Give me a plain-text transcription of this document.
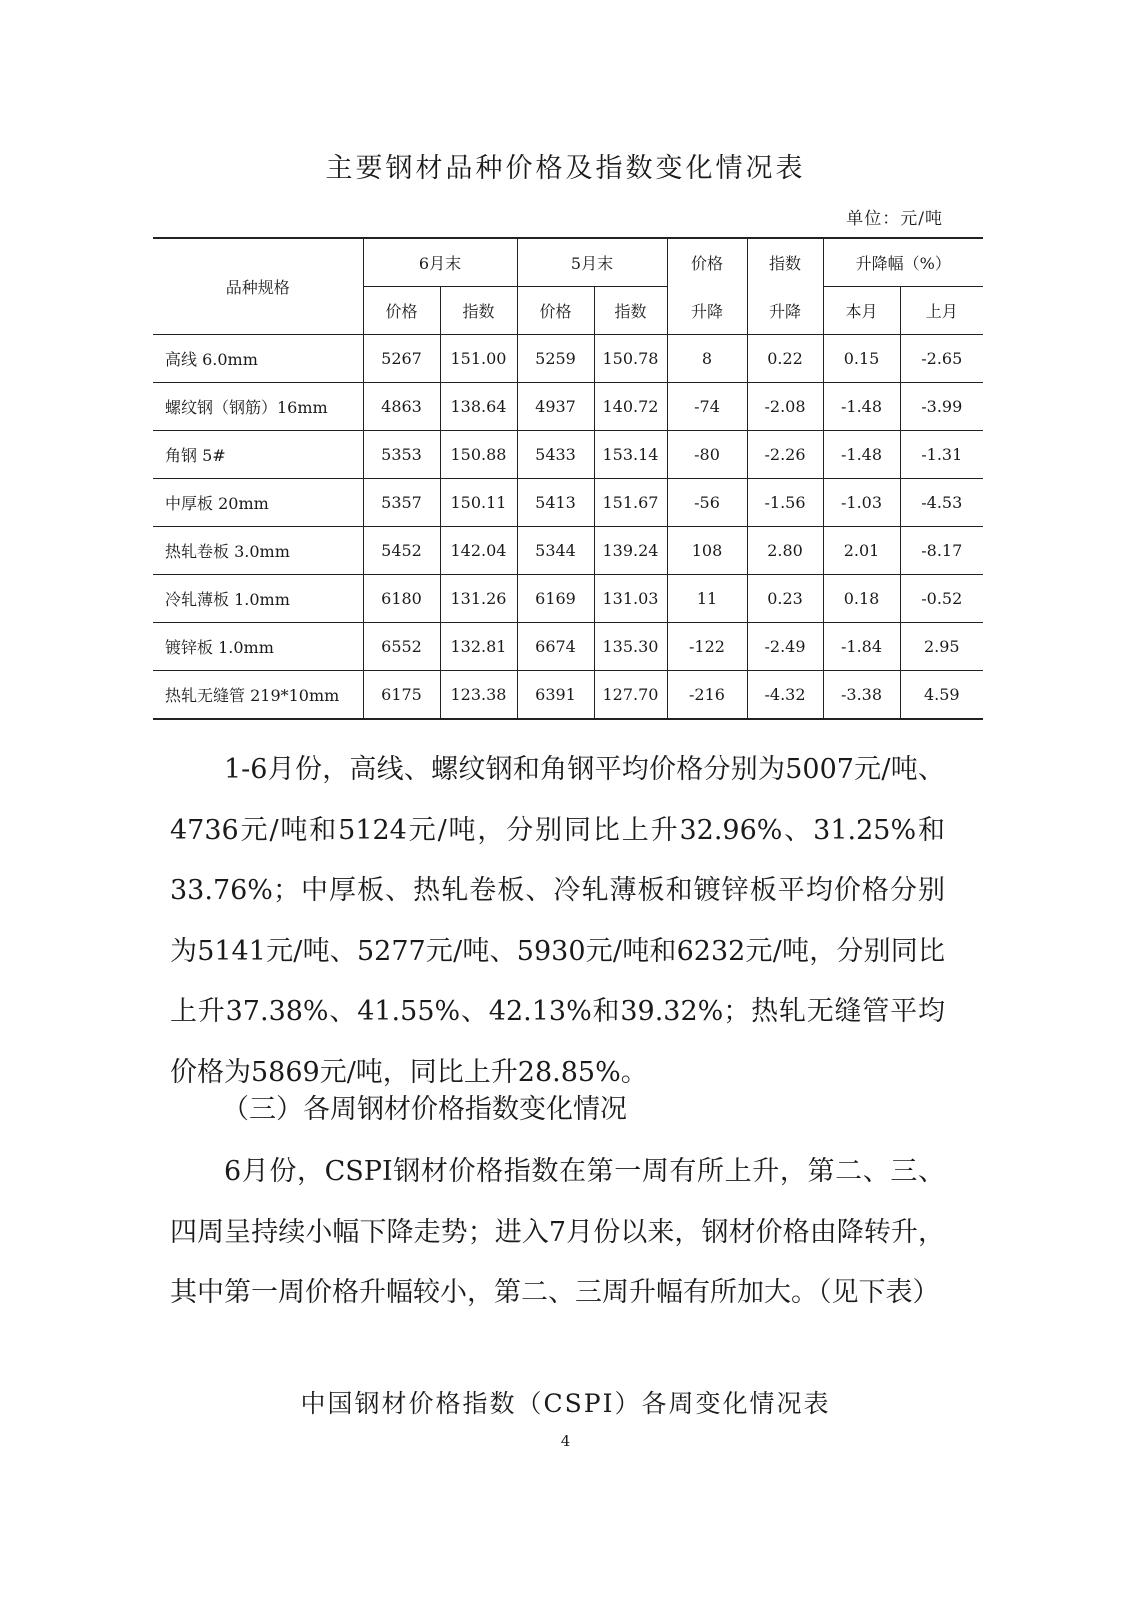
主要钢材品种价格及指数变化情况表
单位：元/吨
品种规格	6月末		5月末		价格	指数	升降幅（%）	
	价格	指数	价格	指数	升降	升降	本月	上月
高线 6.0mm	5267	151.00	5259	150.78	8	0.22	0.15	-2.65
螺纹钢（钢筋）16mm	4863	138.64	4937	140.72	-74	-2.08	-1.48	-3.99
角钢 5#	5353	150.88	5433	153.14	-80	-2.26	-1.48	-1.31
中厚板 20mm	5357	150.11	5413	151.67	-56	-1.56	-1.03	-4.53
热轧卷板 3.0mm	5452	142.04	5344	139.24	108	2.80	2.01	-8.17
冷轧薄板 1.0mm	6180	131.26	6169	131.03	11	0.23	0.18	-0.52
镀锌板 1.0mm	6552	132.81	6674	135.30	-122	-2.49	-1.84	2.95
热轧无缝管 219*10mm	6175	123.38	6391	127.70	-216	-4.32	-3.38	4.59
1-6月份，高线、螺纹钢和角钢平均价格分别为5007元/吨、4736元/吨和5124元/吨，分别同比上升32.96%、31.25%和33.76%；中厚板、热轧卷板、冷轧薄板和镀锌板平均价格分别为5141元/吨、5277元/吨、5930元/吨和6232元/吨，分别同比上升37.38%、41.55%、42.13%和39.32%；热轧无缝管平均价格为5869元/吨，同比上升28.85%。
（三）各周钢材价格指数变化情况
6月份，CSPI钢材价格指数在第一周有所上升，第二、三、四周呈持续小幅下降走势；进入7月份以来，钢材价格由降转升，其中第一周价格升幅较小，第二、三周升幅有所加大。（见下表）
中国钢材价格指数（CSPI）各周变化情况表
4
